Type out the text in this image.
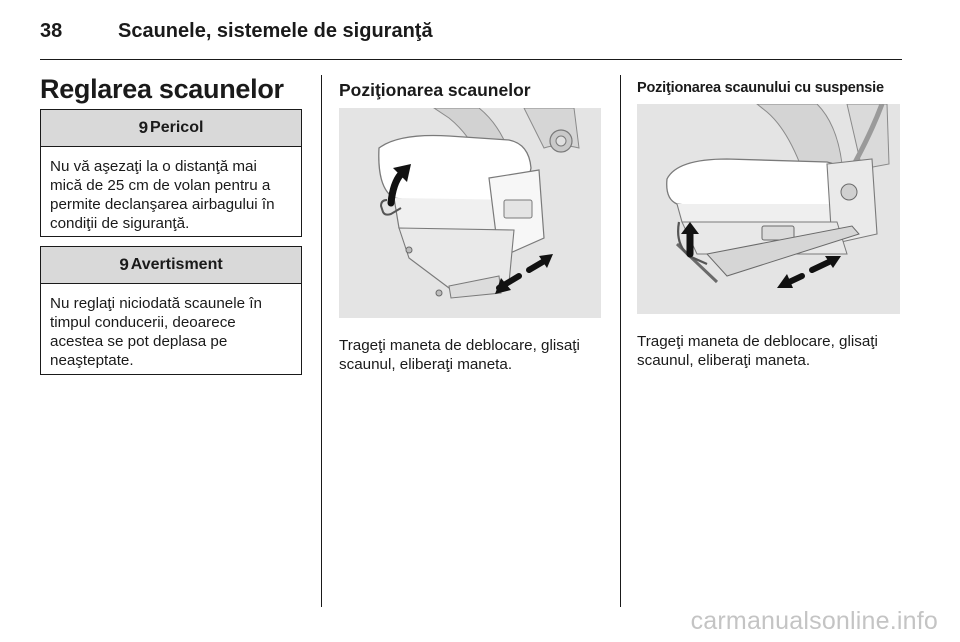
38	Scaunele, sistemele de siguranţă
Reglarea scaunelor
9 Pericol
Nu vă aşezaţi la o distanţă mai mică de 25 cm de volan pentru a permite declanşarea airbagului în condiţii de siguranţă.
9 Avertisment
Nu reglaţi niciodată scaunele în timpul conducerii, deoarece acestea se pot deplasa pe neaşteptate.
Poziţionarea scaunelor
Trageţi maneta de deblocare, glisaţi scaunul, eliberaţi maneta.
Poziţionarea scaunului cu suspensie
Trageţi maneta de deblocare, glisaţi scaunul, eliberaţi maneta.
carmanualsonline.info
